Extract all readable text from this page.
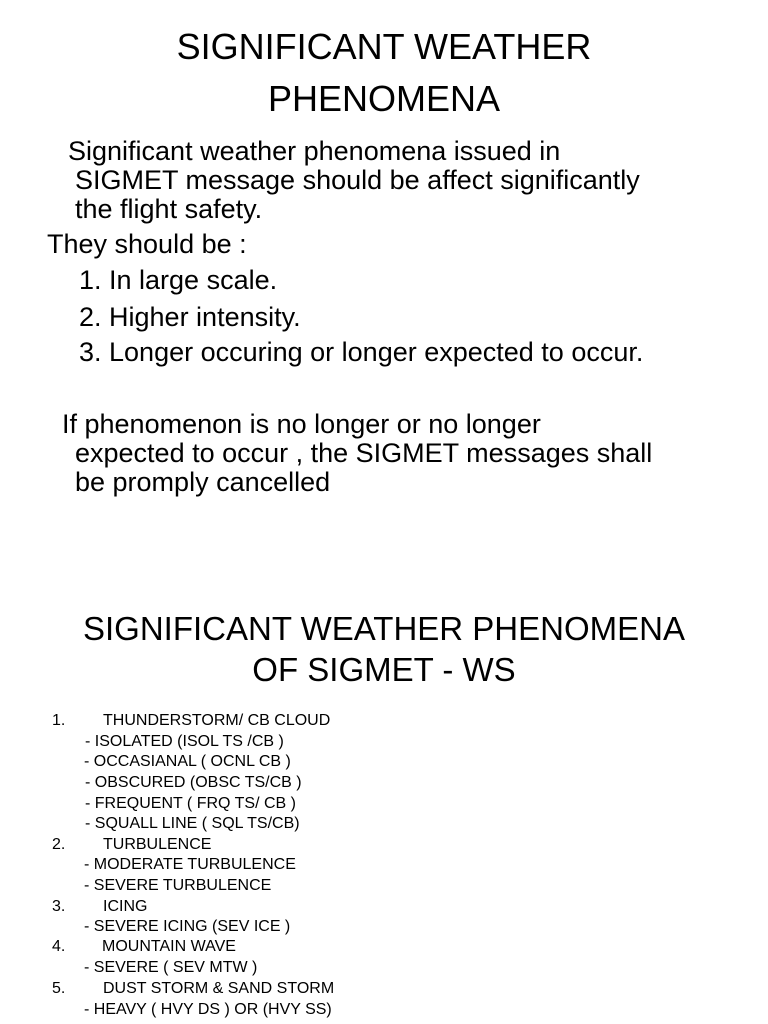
SIGNIFICANT WEATHER
PHENOMENA
Significant weather phenomena issued in
SIGMET message should be affect significantly
the flight safety.
They should be :
1. In large scale.
2. Higher intensity.
3. Longer occuring or longer expected to occur.
If phenomenon is no longer or no longer
expected to occur , the SIGMET messages shall
be promply cancelled
SIGNIFICANT WEATHER PHENOMENA
OF SIGMET - WS
1. THUNDERSTORM/ CB CLOUD
- ISOLATED (ISOL TS /CB )
- OCCASIANAL ( OCNL CB )
- OBSCURED (OBSC TS/CB )
- FREQUENT ( FRQ TS/ CB )
- SQUALL LINE ( SQL TS/CB)
2. TURBULENCE
- MODERATE TURBULENCE
- SEVERE TURBULENCE
3. ICING
- SEVERE ICING (SEV ICE )
4. MOUNTAIN WAVE
- SEVERE ( SEV MTW )
5. DUST STORM & SAND STORM
- HEAVY ( HVY DS ) OR (HVY SS)
